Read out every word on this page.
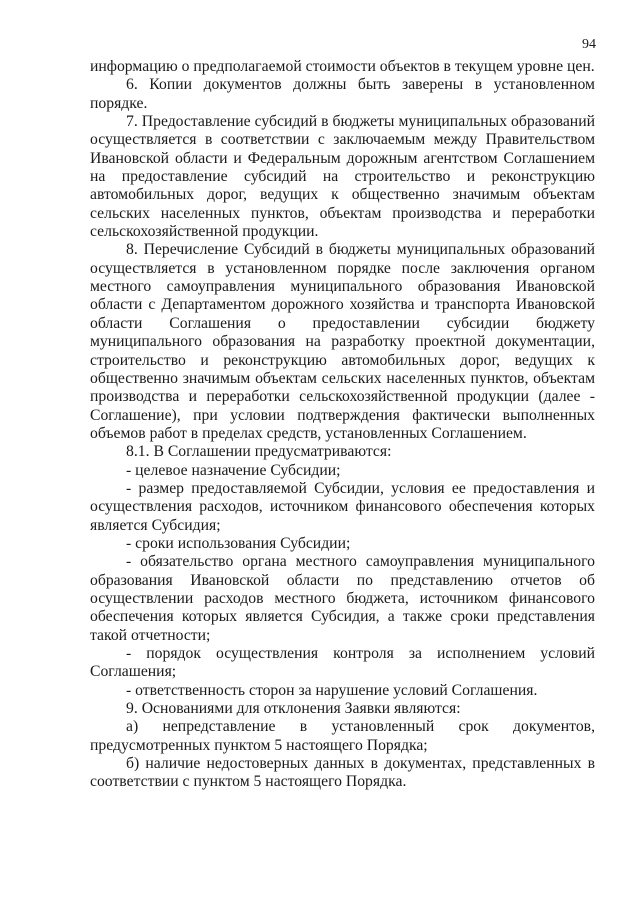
94

информацию о предполагаемой стоимости объектов в текущем уровне цен.

6. Копии документов должны быть заверены в установленном порядке.

7. Предоставление субсидий в бюджеты муниципальных образований осуществляется в соответствии с заключаемым между Правительством Ивановской области и Федеральным дорожным агентством Соглашением на предоставление субсидий на строительство и реконструкцию автомобильных дорог, ведущих к общественно значимым объектам сельских населенных пунктов, объектам производства и переработки сельскохозяйственной продукции.

8. Перечисление Субсидий в бюджеты муниципальных образований осуществляется в установленном порядке после заключения органом местного самоуправления муниципального образования Ивановской области с Департаментом дорожного хозяйства и транспорта Ивановской области Соглашения о предоставлении субсидии бюджету муниципального образования на разработку проектной документации, строительство и реконструкцию автомобильных дорог, ведущих к общественно значимым объектам сельских населенных пунктов, объектам производства и переработки сельскохозяйственной продукции (далее - Соглашение), при условии подтверждения фактически выполненных объемов работ в пределах средств, установленных Соглашением.

8.1. В Соглашении предусматриваются:

- целевое назначение Субсидии;

- размер предоставляемой Субсидии, условия ее предоставления и осуществления расходов, источником финансового обеспечения которых является Субсидия;

- сроки использования Субсидии;

- обязательство органа местного самоуправления муниципального образования Ивановской области по представлению отчетов об осуществлении расходов местного бюджета, источником финансового обеспечения которых является Субсидия, а также сроки представления такой отчетности;

- порядок осуществления контроля за исполнением условий Соглашения;

- ответственность сторон за нарушение условий Соглашения.

9. Основаниями для отклонения Заявки являются:

а) непредставление в установленный срок документов, предусмотренных пунктом 5 настоящего Порядка;

б) наличие недостоверных данных в документах, представленных в соответствии с пунктом 5 настоящего Порядка.
